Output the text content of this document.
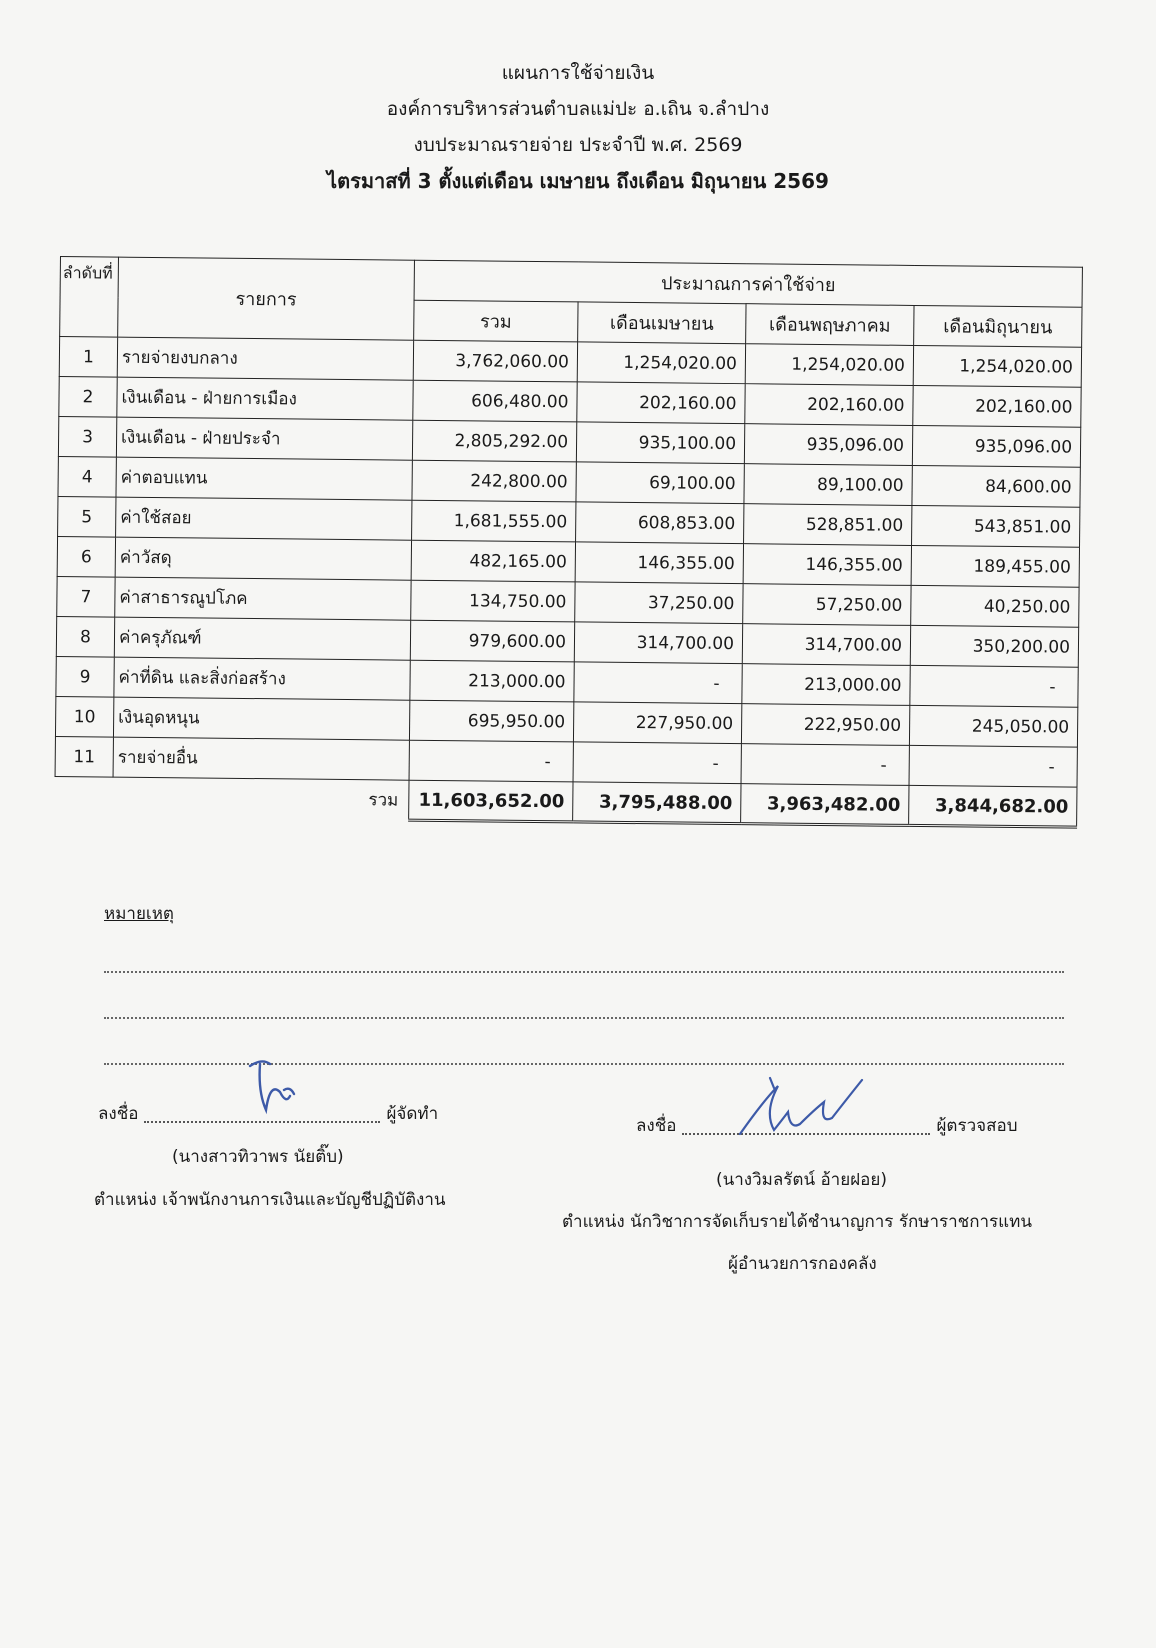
แผนการใช้จ่ายเงิน
องค์การบริหารส่วนตำบลแม่ปะ อ.เถิน จ.ลำปาง
งบประมาณรายจ่าย ประจำปี พ.ศ. 2569
ไตรมาสที่ 3 ตั้งแต่เดือน เมษายน ถึงเดือน มิถุนายน 2569
ลำดับที่	รายการ	ประมาณการค่าใช้จ่าย			
		รวม	เดือนเมษายน	เดือนพฤษภาคม	เดือนมิถุนายน
1	รายจ่ายงบกลาง	3,762,060.00	1,254,020.00	1,254,020.00	1,254,020.00
2	เงินเดือน - ฝ่ายการเมือง	606,480.00	202,160.00	202,160.00	202,160.00
3	เงินเดือน - ฝ่ายประจำ	2,805,292.00	935,100.00	935,096.00	935,096.00
4	ค่าตอบแทน	242,800.00	69,100.00	89,100.00	84,600.00
5	ค่าใช้สอย	1,681,555.00	608,853.00	528,851.00	543,851.00
6	ค่าวัสดุ	482,165.00	146,355.00	146,355.00	189,455.00
7	ค่าสาธารณูปโภค	134,750.00	37,250.00	57,250.00	40,250.00
8	ค่าครุภัณฑ์	979,600.00	314,700.00	314,700.00	350,200.00
9	ค่าที่ดิน และสิ่งก่อสร้าง	213,000.00	-	213,000.00	-
10	เงินอุดหนุน	695,950.00	227,950.00	222,950.00	245,050.00
11	รายจ่ายอื่น	-	-	-	-
	รวม	11,603,652.00	3,795,488.00	3,963,482.00	3,844,682.00
หมายเหตุ
ลงชื่อ	ผู้จัดทำ
(นางสาวทิวาพร นัยติ๊บ)
ตำแหน่ง เจ้าพนักงานการเงินและบัญชีปฏิบัติงาน
ลงชื่อ	ผู้ตรวจสอบ
(นางวิมลรัตน์ อ้ายฝอย)
ตำแหน่ง นักวิชาการจัดเก็บรายได้ชำนาญการ รักษาราชการแทน
ผู้อำนวยการกองคลัง
